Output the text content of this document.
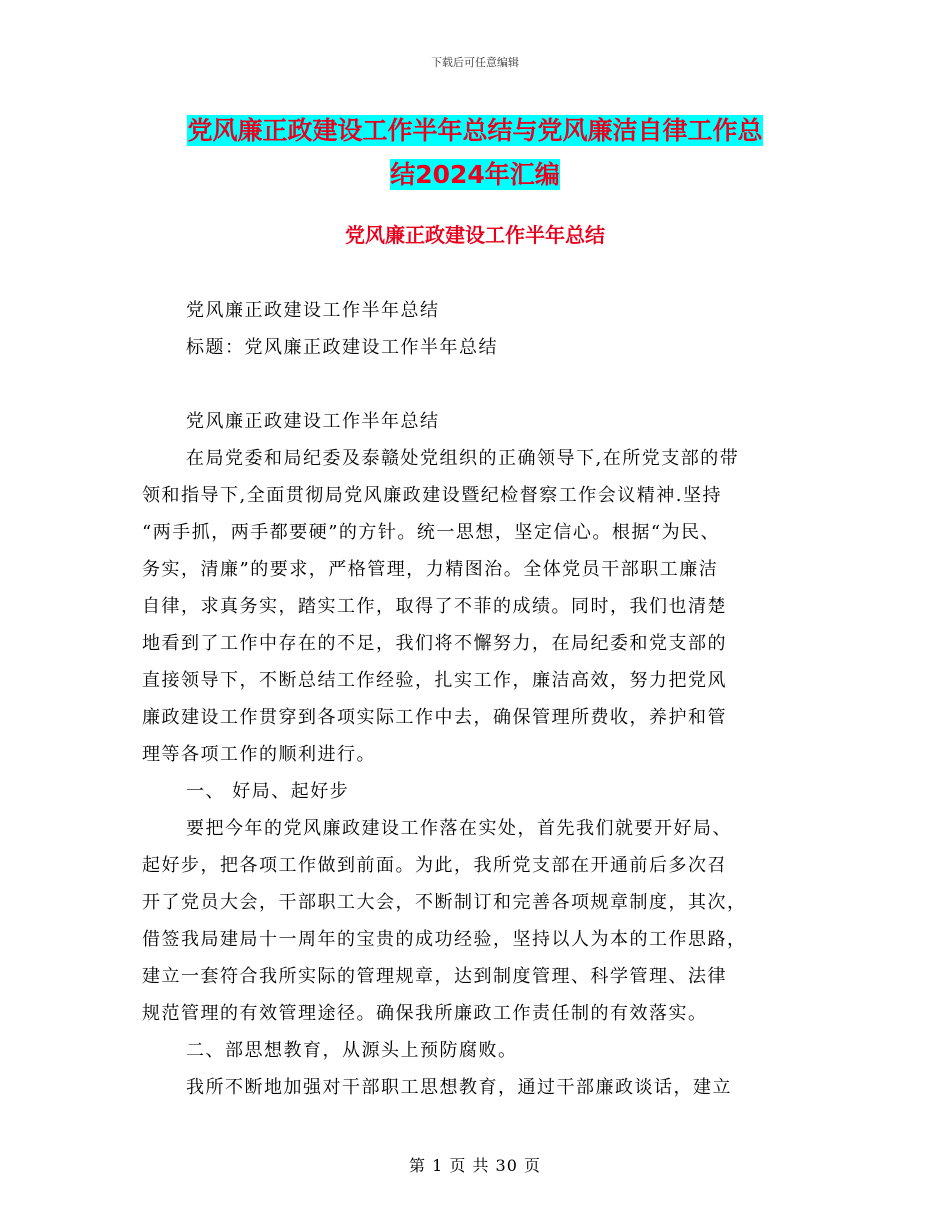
下载后可任意编辑
党风廉正政建设工作半年总结与党风廉洁自律工作总
结2024年汇编
党风廉正政建设工作半年总结
党风廉正政建设工作半年总结
标题：党风廉正政建设工作半年总结
党风廉正政建设工作半年总结
在局党委和局纪委及泰赣处党组织的正确领导下,在所党支部的带
领和指导下,全面贯彻局党风廉政建设暨纪检督察工作会议精神.坚持
“两手抓，两手都要硬”的方针。统一思想，坚定信心。根据“为民、
务实，清廉”的要求，严格管理，力精图治。全体党员干部职工廉洁
自律，求真务实，踏实工作，取得了不菲的成绩。同时，我们也清楚
地看到了工作中存在的不足，我们将不懈努力，在局纪委和党支部的
直接领导下，不断总结工作经验，扎实工作，廉洁高效，努力把党风
廉政建设工作贯穿到各项实际工作中去，确保管理所费收，养护和管
理等各项工作的顺利进行。
一、 好局、起好步
要把今年的党风廉政建设工作落在实处，首先我们就要开好局、
起好步，把各项工作做到前面。为此，我所党支部在开通前后多次召
开了党员大会，干部职工大会，不断制订和完善各项规章制度，其次，
借签我局建局十一周年的宝贵的成功经验，坚持以人为本的工作思路，
建立一套符合我所实际的管理规章，达到制度管理、科学管理、法律
规范管理的有效管理途径。确保我所廉政工作责任制的有效落实。
二、部思想教育，从源头上预防腐败。
我所不断地加强对干部职工思想教育，通过干部廉政谈话，建立
第 1 页 共 30 页
